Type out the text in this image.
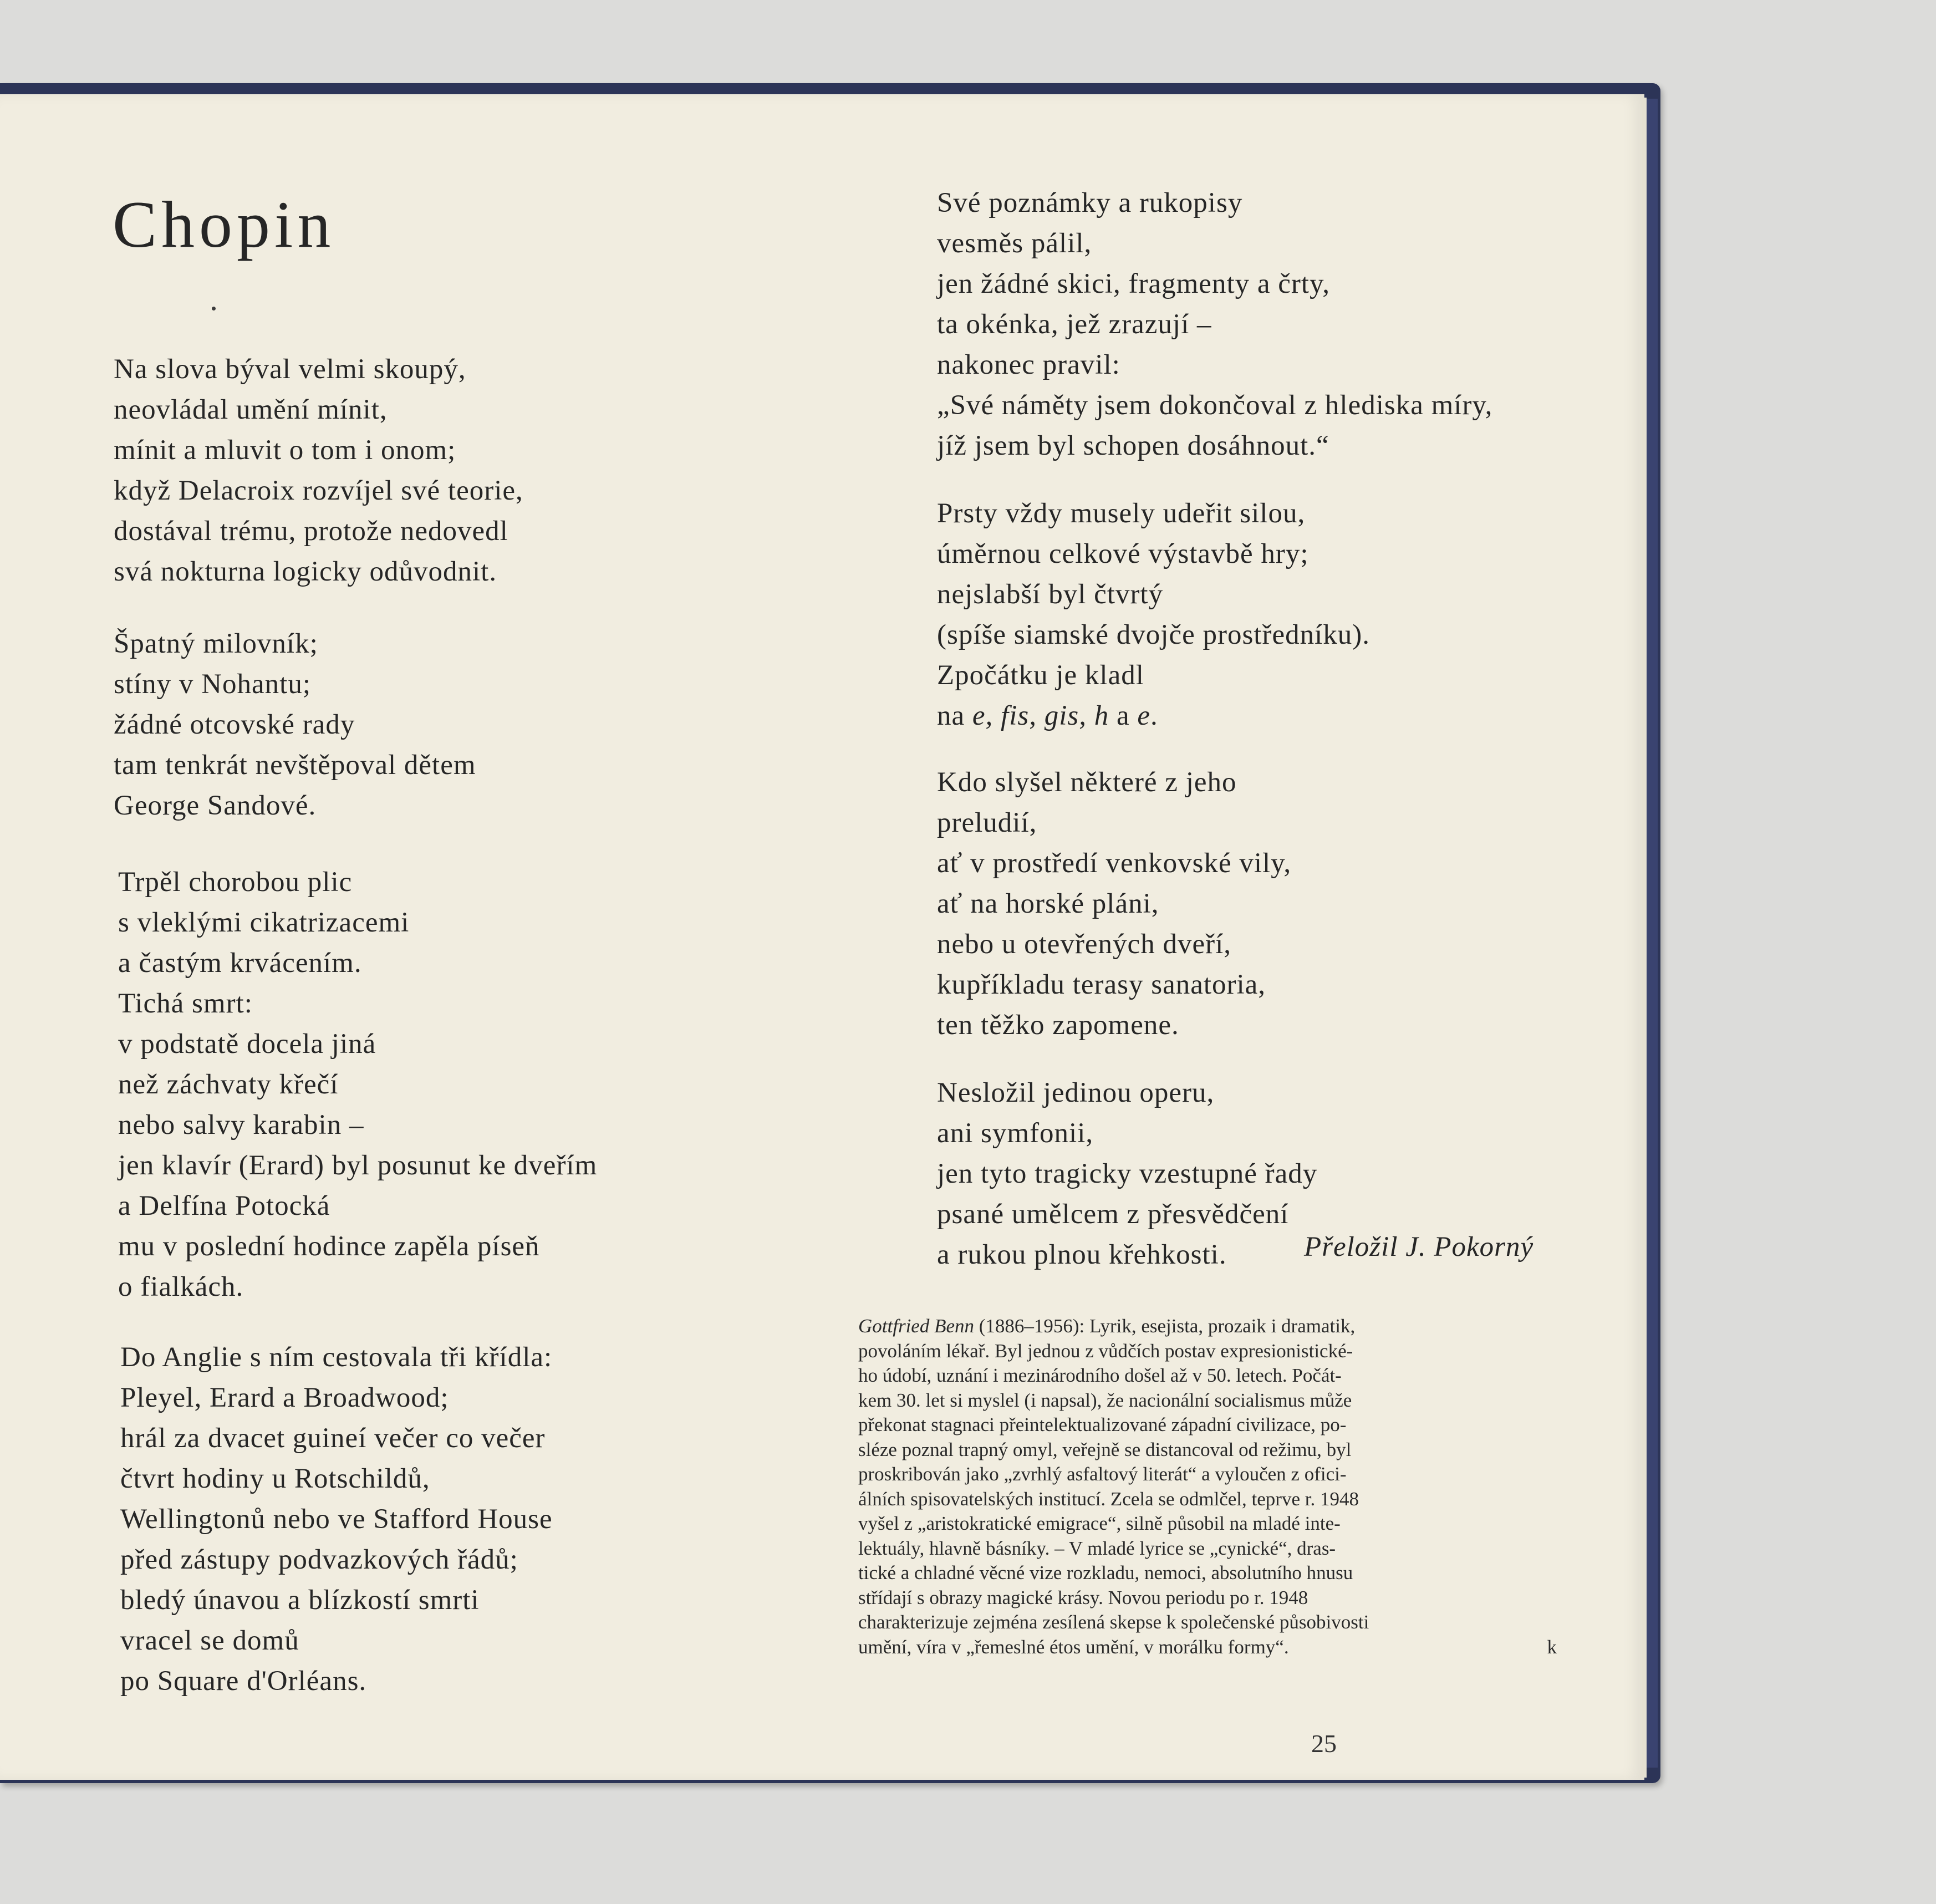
Chopin
Na slova býval velmi skoupý,
neovládal umění mínit,
mínit a mluvit o tom i onom;
když Delacroix rozvíjel své teorie,
dostával trému, protože nedovedl
svá nokturna logicky odůvodnit.
Špatný milovník;
stíny v Nohantu;
žádné otcovské rady
tam tenkrát nevštěpoval dětem
George Sandové.
Trpěl chorobou plic
s vleklými cikatrizacemi
a častým krvácením.
Tichá smrt:
v podstatě docela jiná
než záchvaty křečí
nebo salvy karabin –
jen klavír (Erard) byl posunut ke dveřím
a Delfína Potocká
mu v poslední hodince zapěla píseň
o fialkách.
Do Anglie s ním cestovala tři křídla:
Pleyel, Erard a Broadwood;
hrál za dvacet guineí večer co večer
čtvrt hodiny u Rotschildů,
Wellingtonů nebo ve Stafford House
před zástupy podvazkových řádů;
bledý únavou a blízkostí smrti
vracel se domů
po Square d'Orléans.
Své poznámky a rukopisy
vesměs pálil,
jen žádné skici, fragmenty a črty,
ta okénka, jež zrazují –
nakonec pravil:
„Své náměty jsem dokončoval z hlediska míry,
jíž jsem byl schopen dosáhnout.“
Prsty vždy musely udeřit silou,
úměrnou celkové výstavbě hry;
nejslabší byl čtvrtý
(spíše siamské dvojče prostředníku).
Zpočátku je kladl
na e, fis, gis, h a e.
Kdo slyšel některé z jeho
preludií,
ať v prostředí venkovské vily,
ať na horské pláni,
nebo u otevřených dveří,
kupříkladu terasy sanatoria,
ten těžko zapomene.
Nesložil jedinou operu,
ani symfonii,
jen tyto tragicky vzestupné řady
psané umělcem z přesvědčení
a rukou plnou křehkosti.	Přeložil J. Pokorný
Gottfried Benn (1886–1956): Lyrik, esejista, prozaik i dramatik,
povoláním lékař. Byl jednou z vůdčích postav expresionistické-
ho údobí, uznání i mezinárodního došel až v 50. letech. Počát-
kem 30. let si myslel (i napsal), že nacionální socialismus může
překonat stagnaci přeintelektualizované západní civilizace, po-
sléze poznal trapný omyl, veřejně se distancoval od režimu, byl
proskribován jako „zvrhlý asfaltový literát“ a vyloučen z ofici-
álních spisovatelských institucí. Zcela se odmlčel, teprve r. 1948
vyšel z „aristokratické emigrace“, silně působil na mladé inte-
lektuály, hlavně básníky. – V mladé lyrice se „cynické“, dras-
tické a chladné věcné vize rozkladu, nemoci, absolutního hnusu
střídají s obrazy magické krásy. Novou periodu po r. 1948
charakterizuje zejména zesílená skepse k společenské působivosti
umění, víra v „řemeslné étos umění, v morálku formy“.	k
25
